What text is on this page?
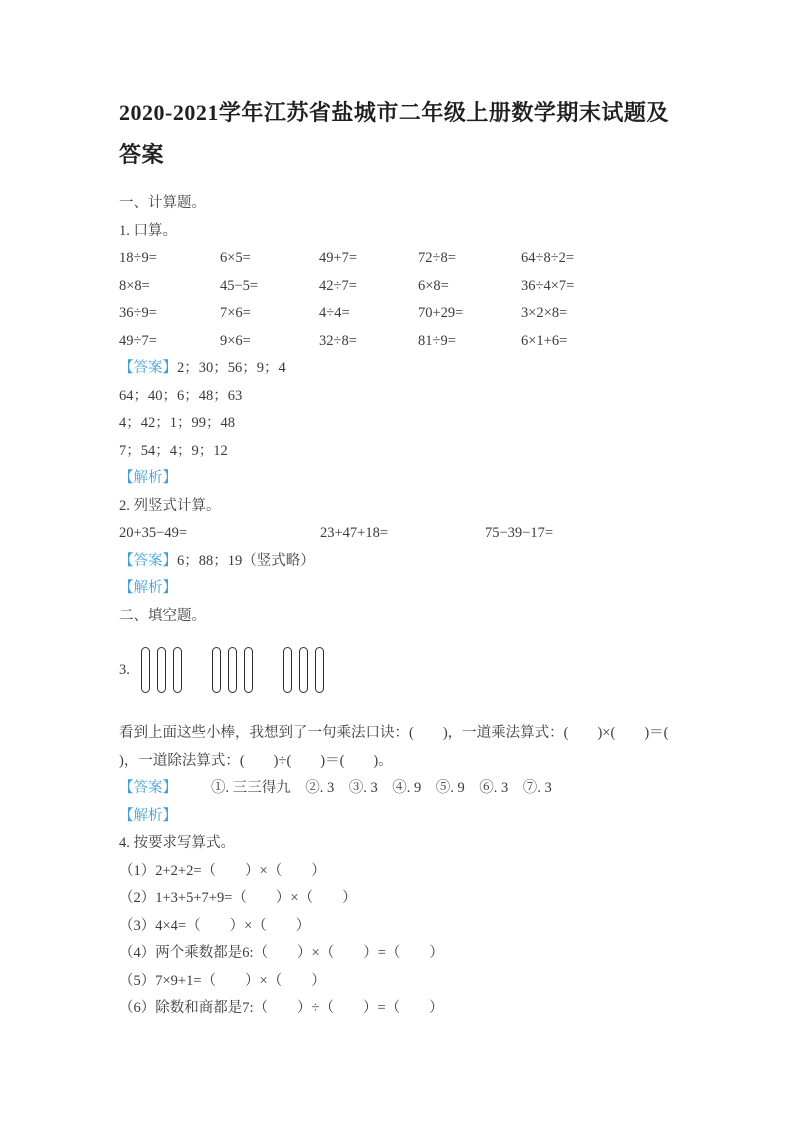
2020-2021学年江苏省盐城市二年级上册数学期末试题及答案

一、计算题。

1. 口算。

18÷9=	6×5=	49+7=	72÷8=	64÷8÷2=
8×8=	45−5=	42÷7=	6×8=	36÷4×7=
36÷9=	7×6=	4÷4=	70+29=	3×2×8=
49÷7=	9×6=	32÷8=	81÷9=	6×1+6=

【答案】2；30；56；9；4

64；40；6；48；63

4；42；1；99；48

7；54；4；9；12

【解析】

2. 列竖式计算。

20+35−49=	23+47+18=	75−39−17=

【答案】6；88；19（竖式略）

【解析】

二、填空题。

3.

看到上面这些小棒，我想到了一句乘法口诀：(        )，一道乘法算式：(        )×(        )＝(        )，一道除法算式：(        )÷(        )＝(        )。

【答案】 ①. 三三得九　②. 3　③. 3　④. 9　⑤. 9　⑥. 3　⑦. 3

【解析】

4. 按要求写算式。

（1）2+2+2=（　　）×（　　）

（2）1+3+5+7+9=（　　）×（　　）

（3）4×4=（　　）×（　　）

（4）两个乘数都是6:（　　）×（　　）=（　　）

（5）7×9+1=（　　）×（　　）

（6）除数和商都是7:（　　）÷（　　）=（　　）
